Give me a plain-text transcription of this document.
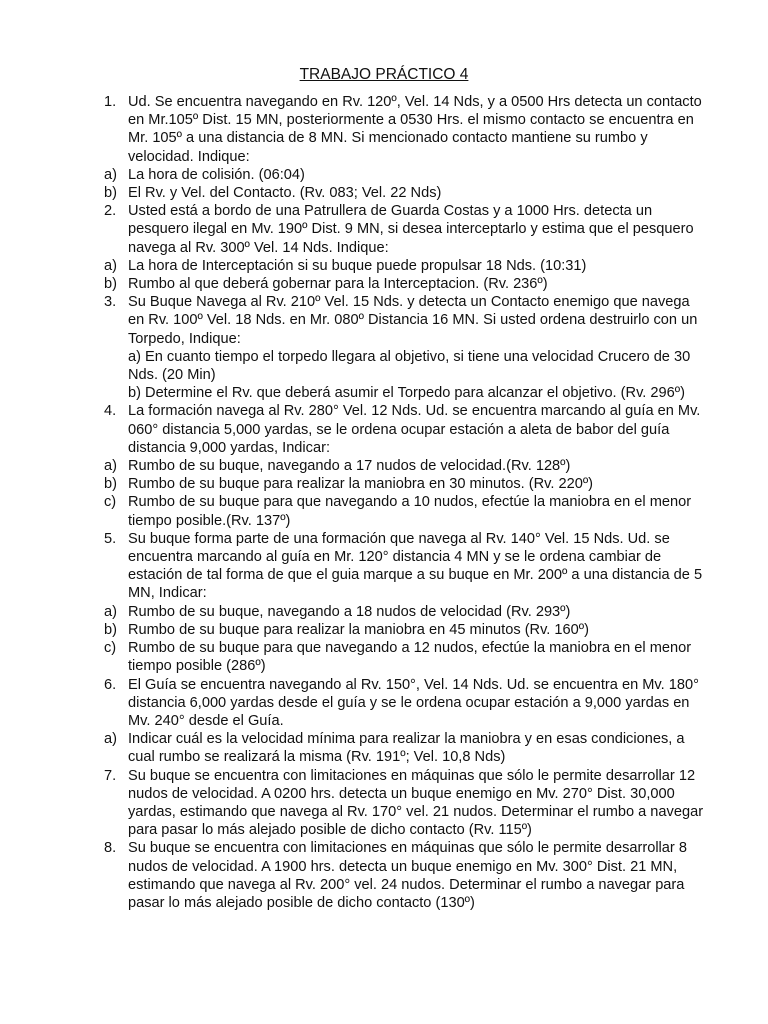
TRABAJO PRÁCTICO 4
1. Ud. Se encuentra navegando en Rv. 120º, Vel. 14 Nds, y a 0500 Hrs detecta un contacto en Mr.105º Dist. 15 MN, posteriormente a 0530 Hrs. el mismo contacto se encuentra en Mr. 105º a una distancia de 8 MN. Si mencionado contacto mantiene su rumbo y velocidad. Indique:
a) La hora de colisión. (06:04)
b) El Rv. y Vel. del Contacto. (Rv. 083; Vel. 22 Nds)
2. Usted está a bordo de una Patrullera de Guarda Costas y a 1000 Hrs. detecta un pesquero ilegal en Mv. 190º Dist. 9 MN, si desea interceptarlo y estima que el pesquero navega al Rv. 300º Vel. 14 Nds. Indique:
a) La hora de Interceptación si su buque puede propulsar 18 Nds. (10:31)
b) Rumbo al que deberá gobernar para la Interceptacion. (Rv. 236º)
3. Su Buque Navega al Rv. 210º Vel. 15 Nds. y detecta un Contacto enemigo que navega en Rv. 100º Vel. 18 Nds. en Mr. 080º Distancia 16 MN. Si usted ordena destruirlo con un Torpedo, Indique:
a) En cuanto tiempo el torpedo llegara al objetivo, si tiene una velocidad Crucero de 30 Nds. (20 Min)
b) Determine el Rv. que deberá asumir el Torpedo para alcanzar el objetivo. (Rv. 296º)
4. La formación navega al Rv. 280° Vel. 12 Nds. Ud. se encuentra marcando al guía en Mv. 060° distancia 5,000 yardas, se le ordena ocupar estación a aleta de babor del guía distancia 9,000 yardas, Indicar:
a) Rumbo de su buque, navegando a 17 nudos de velocidad.(Rv. 128º)
b) Rumbo de su buque para realizar la maniobra en 30 minutos. (Rv. 220º)
c) Rumbo de su buque para que navegando a 10 nudos, efectúe la maniobra en el menor tiempo posible.(Rv. 137º)
5. Su buque forma parte de una formación que navega al Rv. 140° Vel. 15 Nds. Ud. se encuentra marcando al guía en Mr. 120° distancia 4 MN y se le ordena cambiar de estación de tal forma de que el guia marque a su buque en Mr. 200º a una distancia de 5 MN, Indicar:
a) Rumbo de su buque, navegando a 18 nudos de velocidad (Rv. 293º)
b) Rumbo de su buque para realizar la maniobra en 45 minutos (Rv. 160º)
c) Rumbo de su buque para que navegando a 12 nudos, efectúe la maniobra en el menor tiempo posible (286º)
6. El Guía se encuentra navegando al Rv. 150°, Vel. 14 Nds. Ud. se encuentra en Mv. 180° distancia 6,000 yardas desde el guía y se le ordena ocupar estación a 9,000 yardas en Mv. 240° desde el Guía.
a) Indicar cuál es la velocidad mínima para realizar la maniobra y en esas condiciones, a cual rumbo se realizará la misma (Rv. 191º; Vel. 10,8 Nds)
7. Su buque se encuentra con limitaciones en máquinas que sólo le permite desarrollar 12 nudos de velocidad. A 0200 hrs. detecta un buque enemigo en Mv. 270° Dist. 30,000 yardas, estimando que navega al Rv. 170° vel. 21 nudos. Determinar el rumbo a navegar para pasar lo más alejado posible de dicho contacto (Rv. 115º)
8. Su buque se encuentra con limitaciones en máquinas que sólo le permite desarrollar 8 nudos de velocidad. A 1900 hrs. detecta un buque enemigo en Mv. 300° Dist. 21 MN, estimando que navega al Rv. 200° vel. 24 nudos. Determinar el rumbo a navegar para pasar lo más alejado posible de dicho contacto (130º)
